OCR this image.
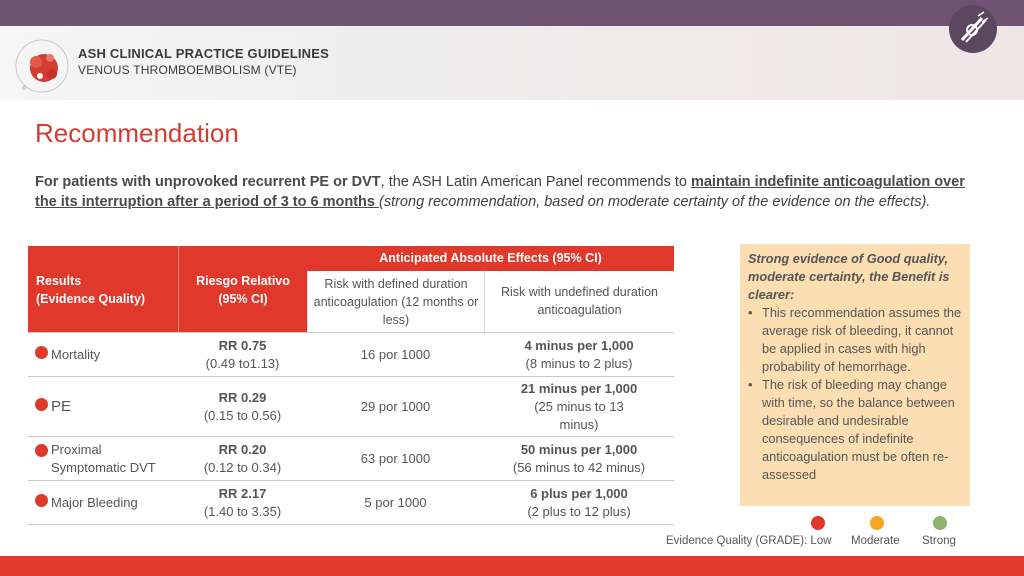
®
ASH CLINICAL PRACTICE GUIDELINES
VENOUS THROMBOEMBOLISM (VTE)
Recommendation
For patients with unprovoked recurrent PE or DVT, the ASH Latin American Panel recommends to maintain indefinite anticoagulation over the its interruption after a period of 3 to 6 months (strong recommendation, based on moderate certainty of the evidence on the effects).
Anticipated Absolute Effects (95% CI)
Results
(Evidence Quality)
Riesgo Relativo
(95% CI)
Risk with defined duration anticoagulation (12 months or less)
Risk with undefined duration anticoagulation
Mortality
RR 0.75
(0.49 to1.13)
16 por 1000
4 minus per 1,000
(8 minus to 2 plus)
PE
RR 0.29
(0.15 to 0.56)
29 por 1000
21 minus per 1,000
(25 minus to 13 minus)
Proximal Symptomatic DVT
RR 0.20
(0.12 to 0.34)
63 por 1000
50 minus per 1,000
(56 minus to 42 minus)
Major Bleeding
RR 2.17
(1.40 to 3.35)
5 por 1000
6 plus per 1,000
(2 plus to 12 plus)
Strong evidence of Good quality, moderate certainty, the Benefit is clearer:
• This recommendation assumes the average risk of bleeding, it cannot be applied in cases with high probability of hemorrhage.
• The risk of bleeding may change with time, so the balance between desirable and undesirable consequences of indefinite anticoagulation must be often re-assessed
Evidence Quality (GRADE): Low Moderate Strong
